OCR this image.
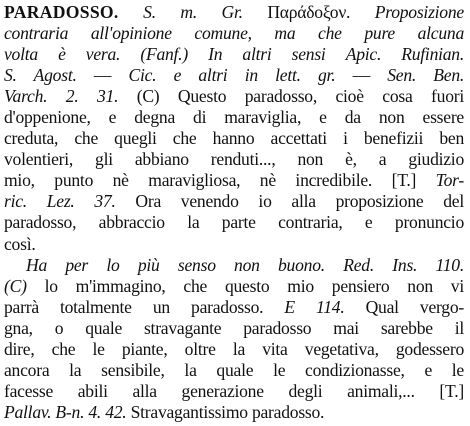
PARADOSSO. S. m. Gr. Παράδοξον. Proposizione
contraria all'opinione comune, ma che pure alcuna
volta è vera. (Fanf.) In altri sensi Apic. Rufinian.
S. Agost. — Cic. e altri in lett. gr. — Sen. Ben.
Varch. 2. 31. (C) Questo paradosso, cioè cosa fuori
d'oppenione, e degna di maraviglia, e da non essere
creduta, che quegli che hanno accettati i benefizii ben
volentieri, gli abbiano renduti..., non è, a giudizio
mio, punto nè maravigliosa, nè incredibile. [T.] Tor-
ric. Lez. 37. Ora venendo io alla proposizione del
paradosso, abbraccio la parte contraria, e pronuncio
così.
Ha per lo più senso non buono. Red. Ins. 110.
(C) lo m'immagino, che questo mio pensiero non vi
parrà totalmente un paradosso. E 114. Qual vergo-
gna, o quale stravagante paradosso mai sarebbe il
dire, che le piante, oltre la vita vegetativa, godessero
ancora la sensibile, la quale le condizionasse, e le
facesse abili alla generazione degli animali,... [T.]
Pallav. B‑n. 4. 42. Stravagantissimo paradosso.
